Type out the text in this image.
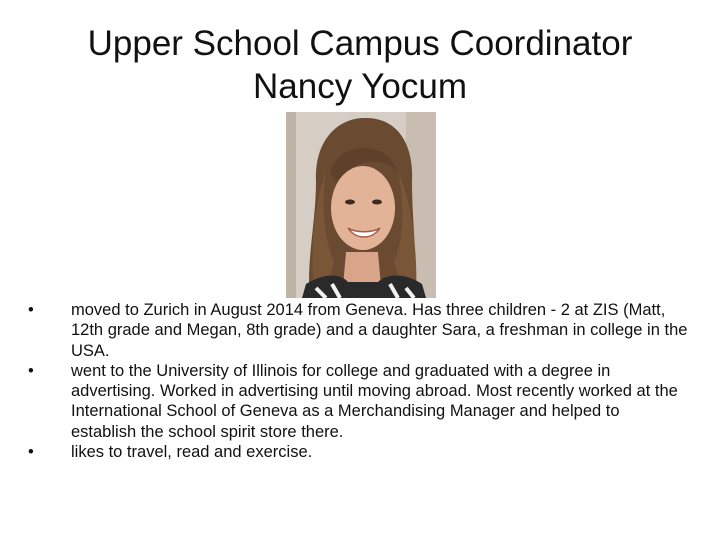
Upper School Campus Coordinator
Nancy Yocum
•	moved to Zurich in August 2014 from Geneva. Has three children - 2 at ZIS (Matt, 12th grade and Megan, 8th grade) and a daughter Sara, a freshman in college in the USA.
•	went to the University of Illinois for college and graduated with a degree in advertising. Worked in advertising until moving abroad. Most recently worked at the International School of Geneva as a Merchandising Manager and helped to establish the school spirit store there.
•	likes to travel, read and exercise.
